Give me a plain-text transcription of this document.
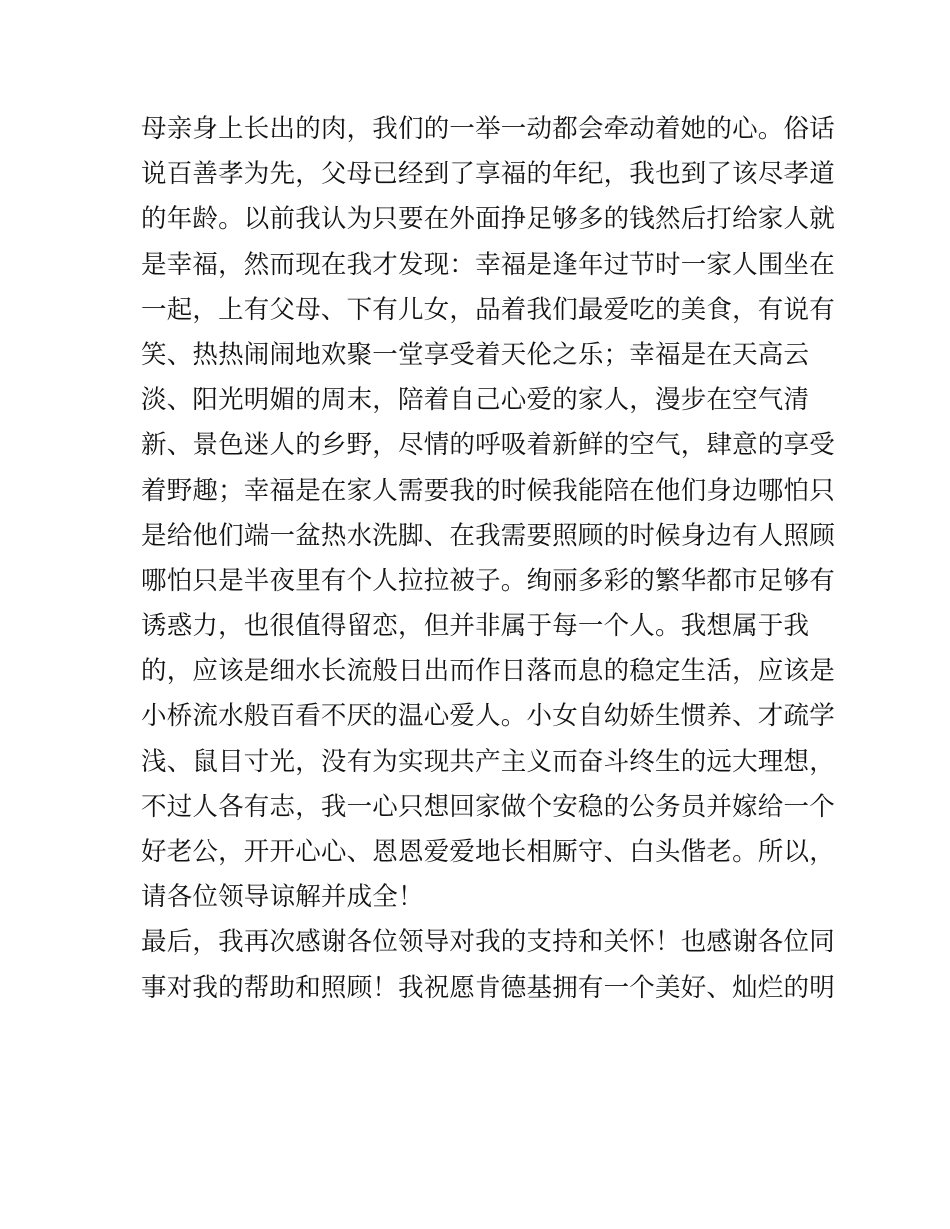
母亲身上长出的肉，我们的一举一动都会牵动着她的心。俗话
说百善孝为先，父母已经到了享福的年纪，我也到了该尽孝道
的年龄。以前我认为只要在外面挣足够多的钱然后打给家人就
是幸福，然而现在我才发现：幸福是逢年过节时一家人围坐在
一起，上有父母、下有儿女，品着我们最爱吃的美食，有说有
笑、热热闹闹地欢聚一堂享受着天伦之乐；幸福是在天高云
淡、阳光明媚的周末，陪着自己心爱的家人，漫步在空气清
新、景色迷人的乡野，尽情的呼吸着新鲜的空气，肆意的享受
着野趣；幸福是在家人需要我的时候我能陪在他们身边哪怕只
是给他们端一盆热水洗脚、在我需要照顾的时候身边有人照顾
哪怕只是半夜里有个人拉拉被子。绚丽多彩的繁华都市足够有
诱惑力，也很值得留恋，但并非属于每一个人。我想属于我
的，应该是细水长流般日出而作日落而息的稳定生活，应该是
小桥流水般百看不厌的温心爱人。小女自幼娇生惯养、才疏学
浅、鼠目寸光，没有为实现共产主义而奋斗终生的远大理想，
不过人各有志，我一心只想回家做个安稳的公务员并嫁给一个
好老公，开开心心、恩恩爱爱地长相厮守、白头偕老。所以，
请各位领导谅解并成全！
最后，我再次感谢各位领导对我的支持和关怀！也感谢各位同
事对我的帮助和照顾！我祝愿肯德基拥有一个美好、灿烂的明
